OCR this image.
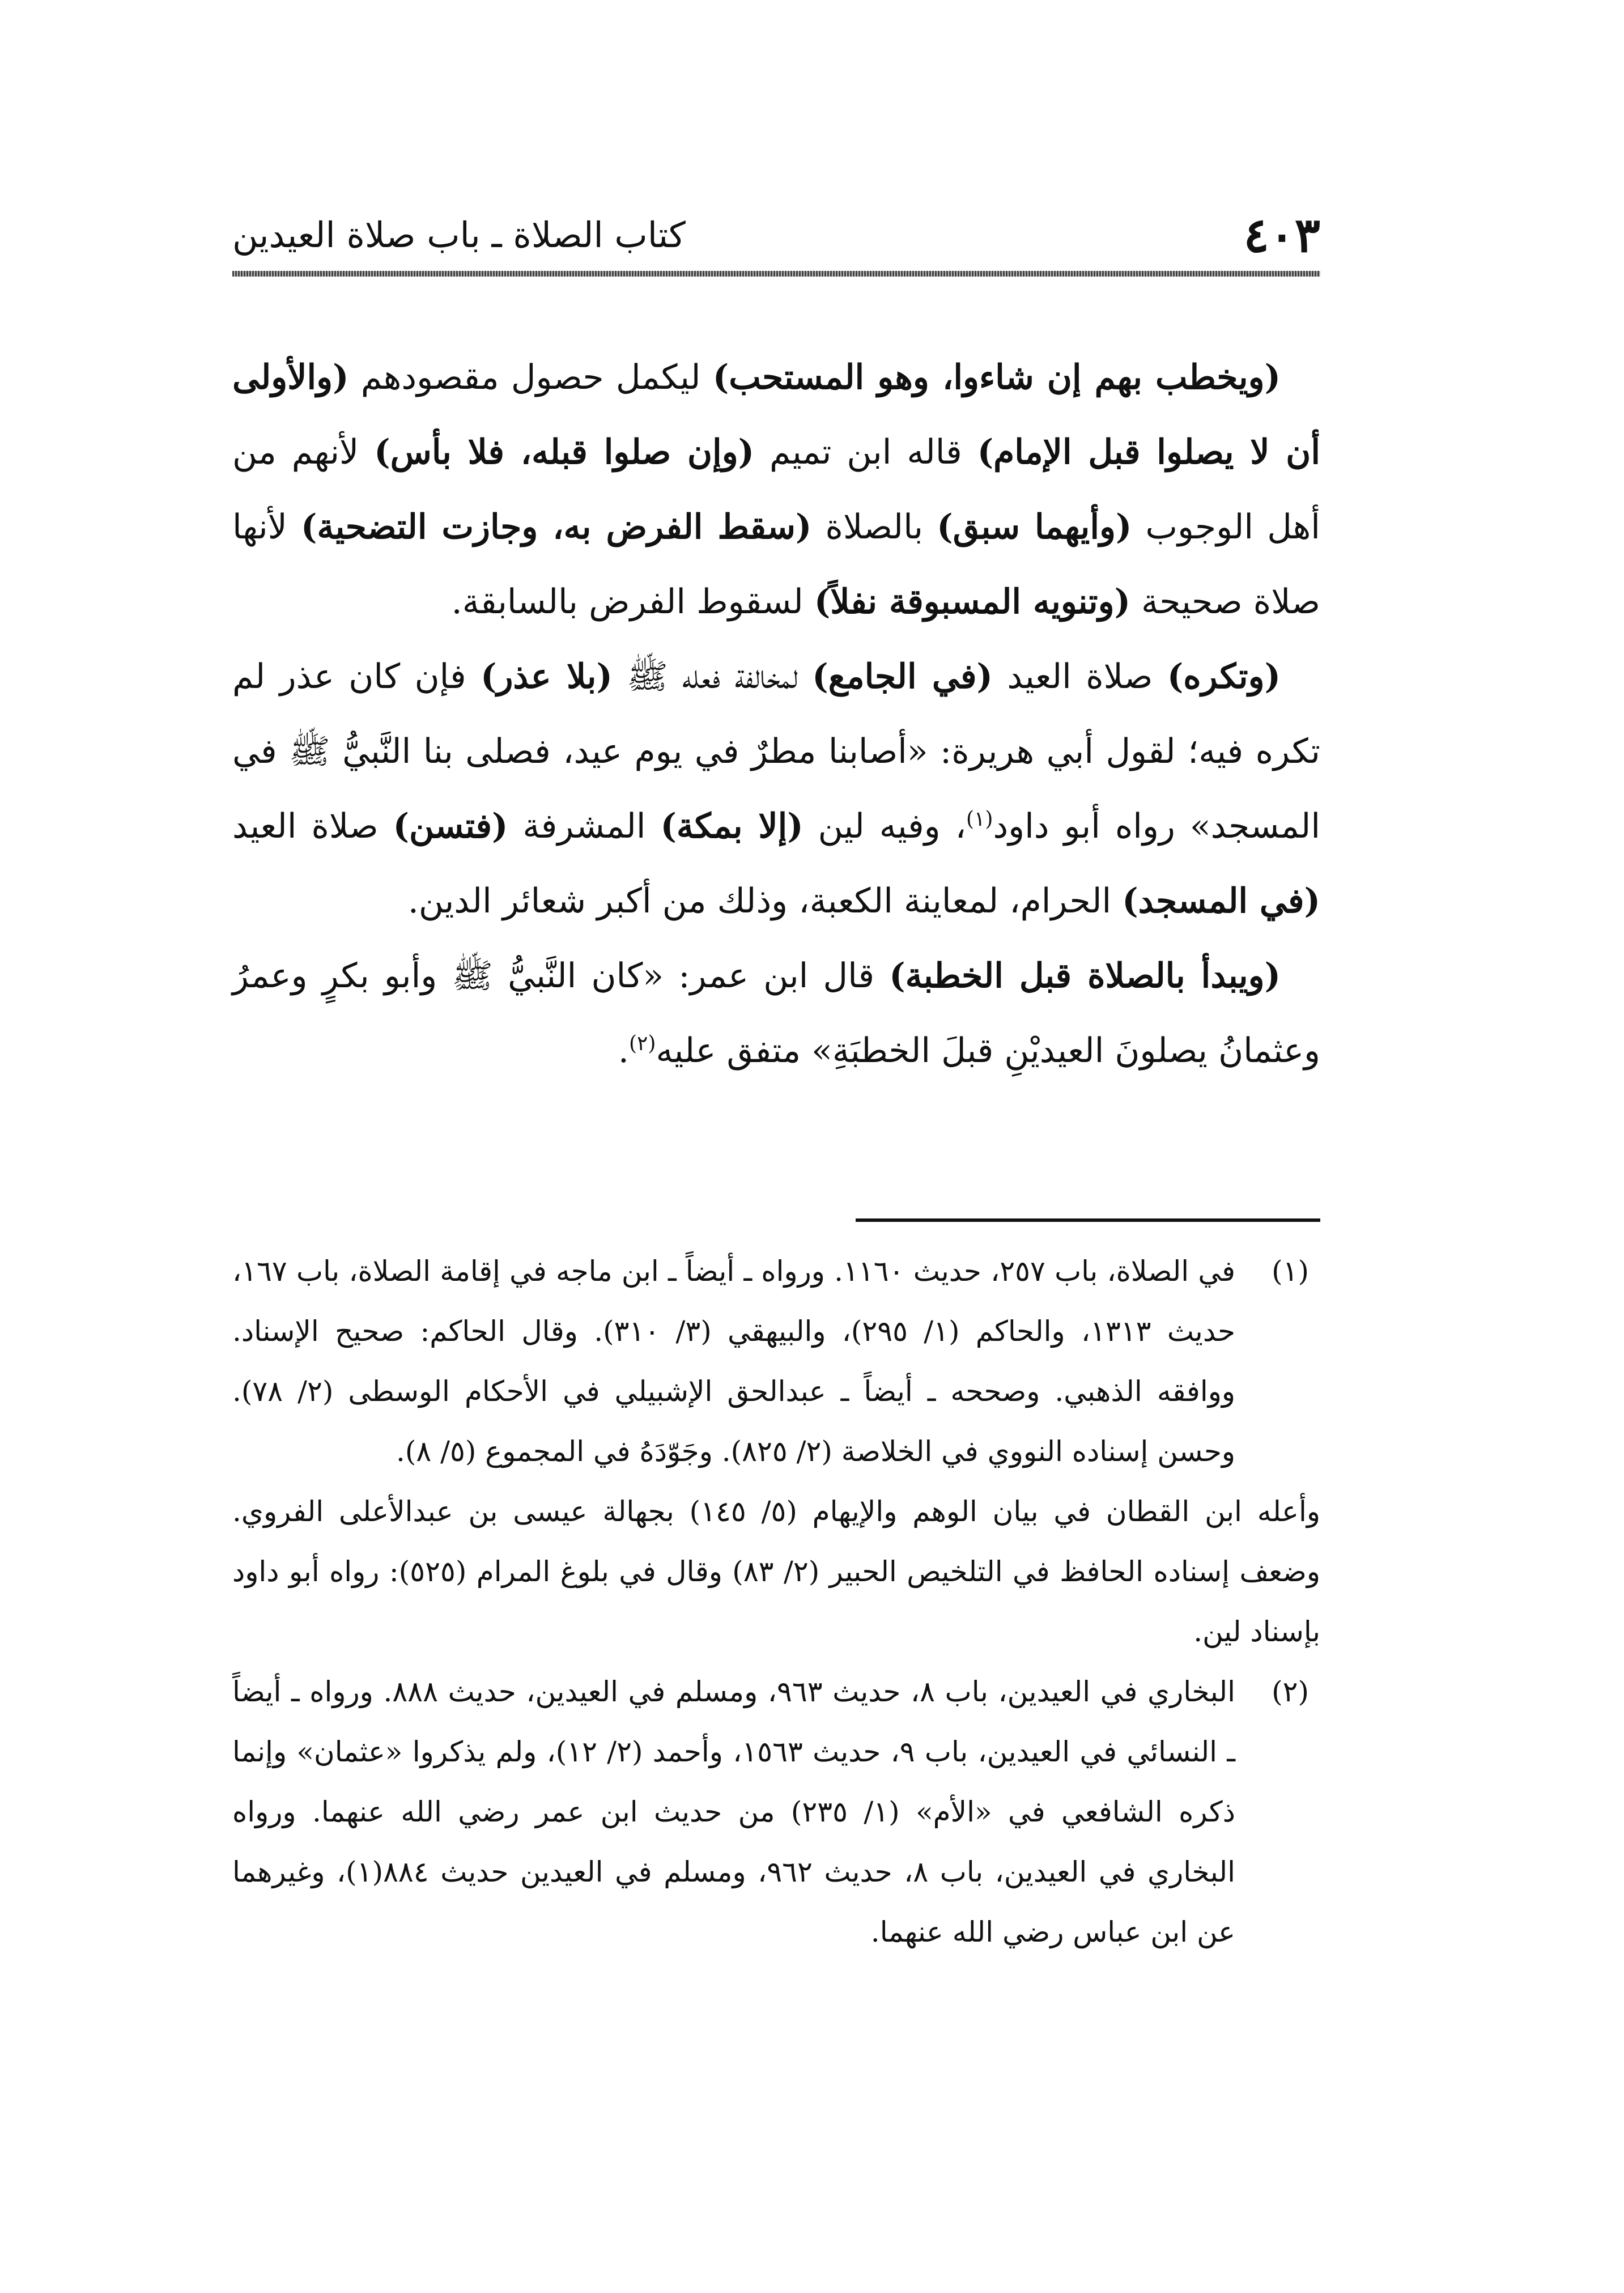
٤٠٣
كتاب الصلاة ـ باب صلاة العيدين

(ويخطب بهم إن شاءوا، وهو المستحب) ليكمل حصول مقصودهم (والأولى أن لا يصلوا قبل الإمام) قاله ابن تميم (وإن صلوا قبله، فلا بأس) لأنهم من أهل الوجوب (وأيهما سبق) بالصلاة (سقط الفرض به، وجازت التضحية) لأنها صلاة صحيحة (وتنويه المسبوقة نفلاً) لسقوط الفرض بالسابقة.

(وتكره) صلاة العيد (في الجامع) لمخالفة فعله ﷺ (بلا عذر) فإن كان عذر لم تكره فيه؛ لقول أبي هريرة: «أصابنا مطرٌ في يوم عيد، فصلى بنا النَّبيُّ ﷺ في المسجد» رواه أبو داود$^{(١)}$، وفيه لين (إلا بمكة) المشرفة (فتسن) صلاة العيد (في المسجد) الحرام، لمعاينة الكعبة، وذلك من أكبر شعائر الدين.

(ويبدأ بالصلاة قبل الخطبة) قال ابن عمر: «كان النَّبيُّ ﷺ وأبو بكرٍ وعمرُ وعثمانُ يصلونَ العيديْنِ قبلَ الخطبَةِ» متفق عليه$^{(٢)}$.

(١)
في الصلاة، باب ٢٥٧، حديث ١١٦٠. ورواه ـ أيضاً ـ ابن ماجه في إقامة الصلاة، باب ١٦٧، حديث ١٣١٣، والحاكم (١/ ٢٩٥)، والبيهقي (٣/ ٣١٠). وقال الحاكم: صحيح الإسناد. ووافقه الذهبي. وصححه ـ أيضاً ـ عبدالحق الإشبيلي في الأحكام الوسطى (٢/ ٧٨). وحسن إسناده النووي في الخلاصة (٢/ ٨٢٥). وجَوّدَهُ في المجموع (٥/ ٨).

وأعله ابن القطان في بيان الوهم والإيهام (٥/ ١٤٥) بجهالة عيسى بن عبدالأعلى الفروي. وضعف إسناده الحافظ في التلخيص الحبير (٢/ ٨٣) وقال في بلوغ المرام (٥٢٥): رواه أبو داود بإسناد لين.

(٢)
البخاري في العيدين، باب ٨، حديث ٩٦٣، ومسلم في العيدين، حديث ٨٨٨. ورواه ـ أيضاً ـ النسائي في العيدين، باب ٩، حديث ١٥٦٣، وأحمد (٢/ ١٢)، ولم يذكروا «عثمان» وإنما ذكره الشافعي في «الأم» (١/ ٢٣٥) من حديث ابن عمر رضي الله عنهما. ورواه البخاري في العيدين، باب ٨، حديث ٩٦٢، ومسلم في العيدين حديث ٨٨٤(١)، وغيرهما عن ابن عباس رضي الله عنهما.
